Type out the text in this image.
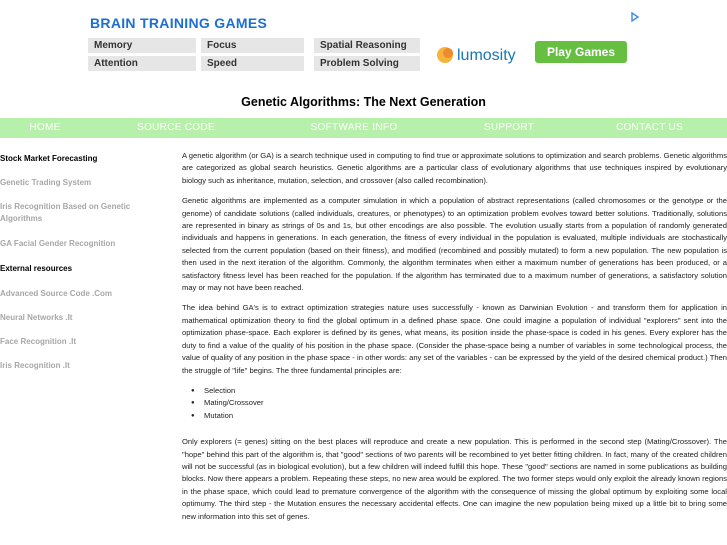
BRAIN TRAINING GAMES
Memory	Focus	Spatial Reasoning
Attention	Speed	Problem Solving	lumosity	Play Games
Genetic Algorithms: The Next Generation
HOME	SOURCE CODE	SOFTWARE INFO	SUPPORT	CONTACT US
Stock Market Forecasting
Genetic Trading System
Iris Recognition Based on Genetic Algorithms
GA Facial Gender Recognition
External resources
Advanced Source Code .Com
Neural Networks .It
Face Recognition .It
Iris Recognition .It

A genetic algorithm (or GA) is a search technique used in computing to find true or approximate solutions to optimization and search problems. Genetic algorithms are categorized as global search heuristics. Genetic algorithms are a particular class of evolutionary algorithms that use techniques inspired by evolutionary biology such as inheritance, mutation, selection, and crossover (also called recombination).

Genetic algorithms are implemented as a computer simulation in which a population of abstract representations (called chromosomes or the genotype or the genome) of candidate solutions (called individuals, creatures, or phenotypes) to an optimization problem evolves toward better solutions. Traditionally, solutions are represented in binary as strings of 0s and 1s, but other encodings are also possible. The evolution usually starts from a population of randomly generated individuals and happens in generations. In each generation, the fitness of every individual in the population is evaluated, multiple individuals are stochastically selected from the current population (based on their fitness), and modified (recombined and possibly mutated) to form a new population. The new population is then used in the next iteration of the algorithm. Commonly, the algorithm terminates when either a maximum number of generations has been produced, or a satisfactory fitness level has been reached for the population. If the algorithm has terminated due to a maximum number of generations, a satisfactory solution may or may not have been reached.

The idea behind GA's is to extract optimization strategies nature uses successfully - known as Darwinian Evolution - and transform them for application in mathematical optimization theory to find the global optimum in a defined phase space. One could imagine a population of individual "explorers" sent into the optimization phase-space. Each explorer is defined by its genes, what means, its position inside the phase-space is coded in his genes. Every explorer has the duty to find a value of the quality of his position in the phase space. (Consider the phase-space being a number of variables in some technological process, the value of quality of any position in the phase space - in other words: any set of the variables - can be expressed by the yield of the desired chemical product.) Then the struggle of "life" begins. The three fundamental principles are:

● Selection
● Mating/Crossover
● Mutation

Only explorers (= genes) sitting on the best places will reproduce and create a new population. This is performed in the second step (Mating/Crossover). The "hope" behind this part of the algorithm is, that "good" sections of two parents will be recombined to yet better fitting children. In fact, many of the created children will not be successful (as in biological evolution), but a few children will indeed fulfill this hope. These "good" sections are named in some publications as building blocks. Now there appears a problem. Repeating these steps, no new area would be explored. The two former steps would only exploit the already known regions in the phase space, which could lead to premature convergence of the algorithm with the consequence of missing the global optimum by exploiting some local optimumy. The third step - the Mutation ensures the necessary accidental effects. One can imagine the new population being mixed up a little bit to bring some new information into this set of genes.
